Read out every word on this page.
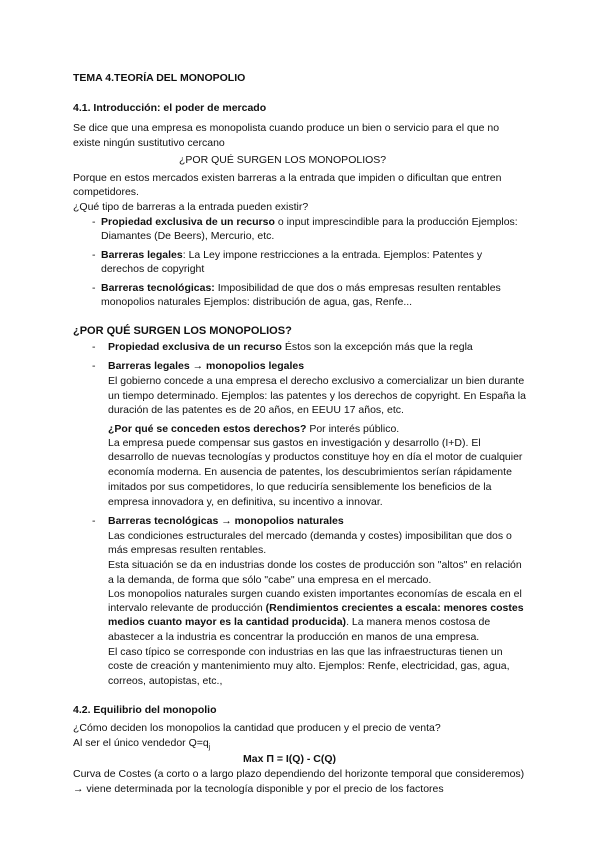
TEMA 4.TEORÍA DEL MONOPOLIO
4.1. Introducción: el poder de mercado
Se dice que una empresa es monopolista cuando produce un bien o servicio para el que no
existe ningún sustitutivo cercano
¿POR QUÉ SURGEN LOS MONOPOLIOS?
Porque en estos mercados existen barreras a la entrada que impiden o dificultan que entren
competidores.
¿Qué tipo de barreras a la entrada pueden existir?
- Propiedad exclusiva de un recurso o input imprescindible para la producción Ejemplos:
Diamantes (De Beers), Mercurio, etc.
- Barreras legales: La Ley impone restricciones a la entrada. Ejemplos: Patentes y
derechos de copyright
- Barreras tecnológicas: Imposibilidad de que dos o más empresas resulten rentables
monopolios naturales Ejemplos: distribución de agua, gas, Renfe...
¿POR QUÉ SURGEN LOS MONOPOLIOS?
- Propiedad exclusiva de un recurso Éstos son la excepción más que la regla
- Barreras legales → monopolios legales
El gobierno concede a una empresa el derecho exclusivo a comercializar un bien durante
un tiempo determinado. Ejemplos: las patentes y los derechos de copyright. En España la
duración de las patentes es de 20 años, en EEUU 17 años, etc.
¿Por qué se conceden estos derechos? Por interés público.
La empresa puede compensar sus gastos en investigación y desarrollo (I+D). El
desarrollo de nuevas tecnologías y productos constituye hoy en día el motor de cualquier
economía moderna. En ausencia de patentes, los descubrimientos serían rápidamente
imitados por sus competidores, lo que reduciría sensiblemente los beneficios de la
empresa innovadora y, en definitiva, su incentivo a innovar.
- Barreras tecnológicas → monopolios naturales
Las condiciones estructurales del mercado (demanda y costes) imposibilitan que dos o
más empresas resulten rentables.
Esta situación se da en industrias donde los costes de producción son "altos" en relación
a la demanda, de forma que sólo "cabe" una empresa en el mercado.
Los monopolios naturales surgen cuando existen importantes economías de escala en el
intervalo relevante de producción (Rendimientos crecientes a escala: menores costes
medios cuanto mayor es la cantidad producida). La manera menos costosa de
abastecer a la industria es concentrar la producción en manos de una empresa.
El caso típico se corresponde con industrias en las que las infraestructuras tienen un
coste de creación y mantenimiento muy alto. Ejemplos: Renfe, electricidad, gas, agua,
correos, autopistas, etc.,
4.2. Equilibrio del monopolio
¿Cómo deciden los monopolios la cantidad que producen y el precio de venta?
Al ser el único vendedor $Q=q_j$
Max Π = I(Q) - C(Q)
Curva de Costes (a corto o a largo plazo dependiendo del horizonte temporal que consideremos)
→ viene determinada por la tecnología disponible y por el precio de los factores
